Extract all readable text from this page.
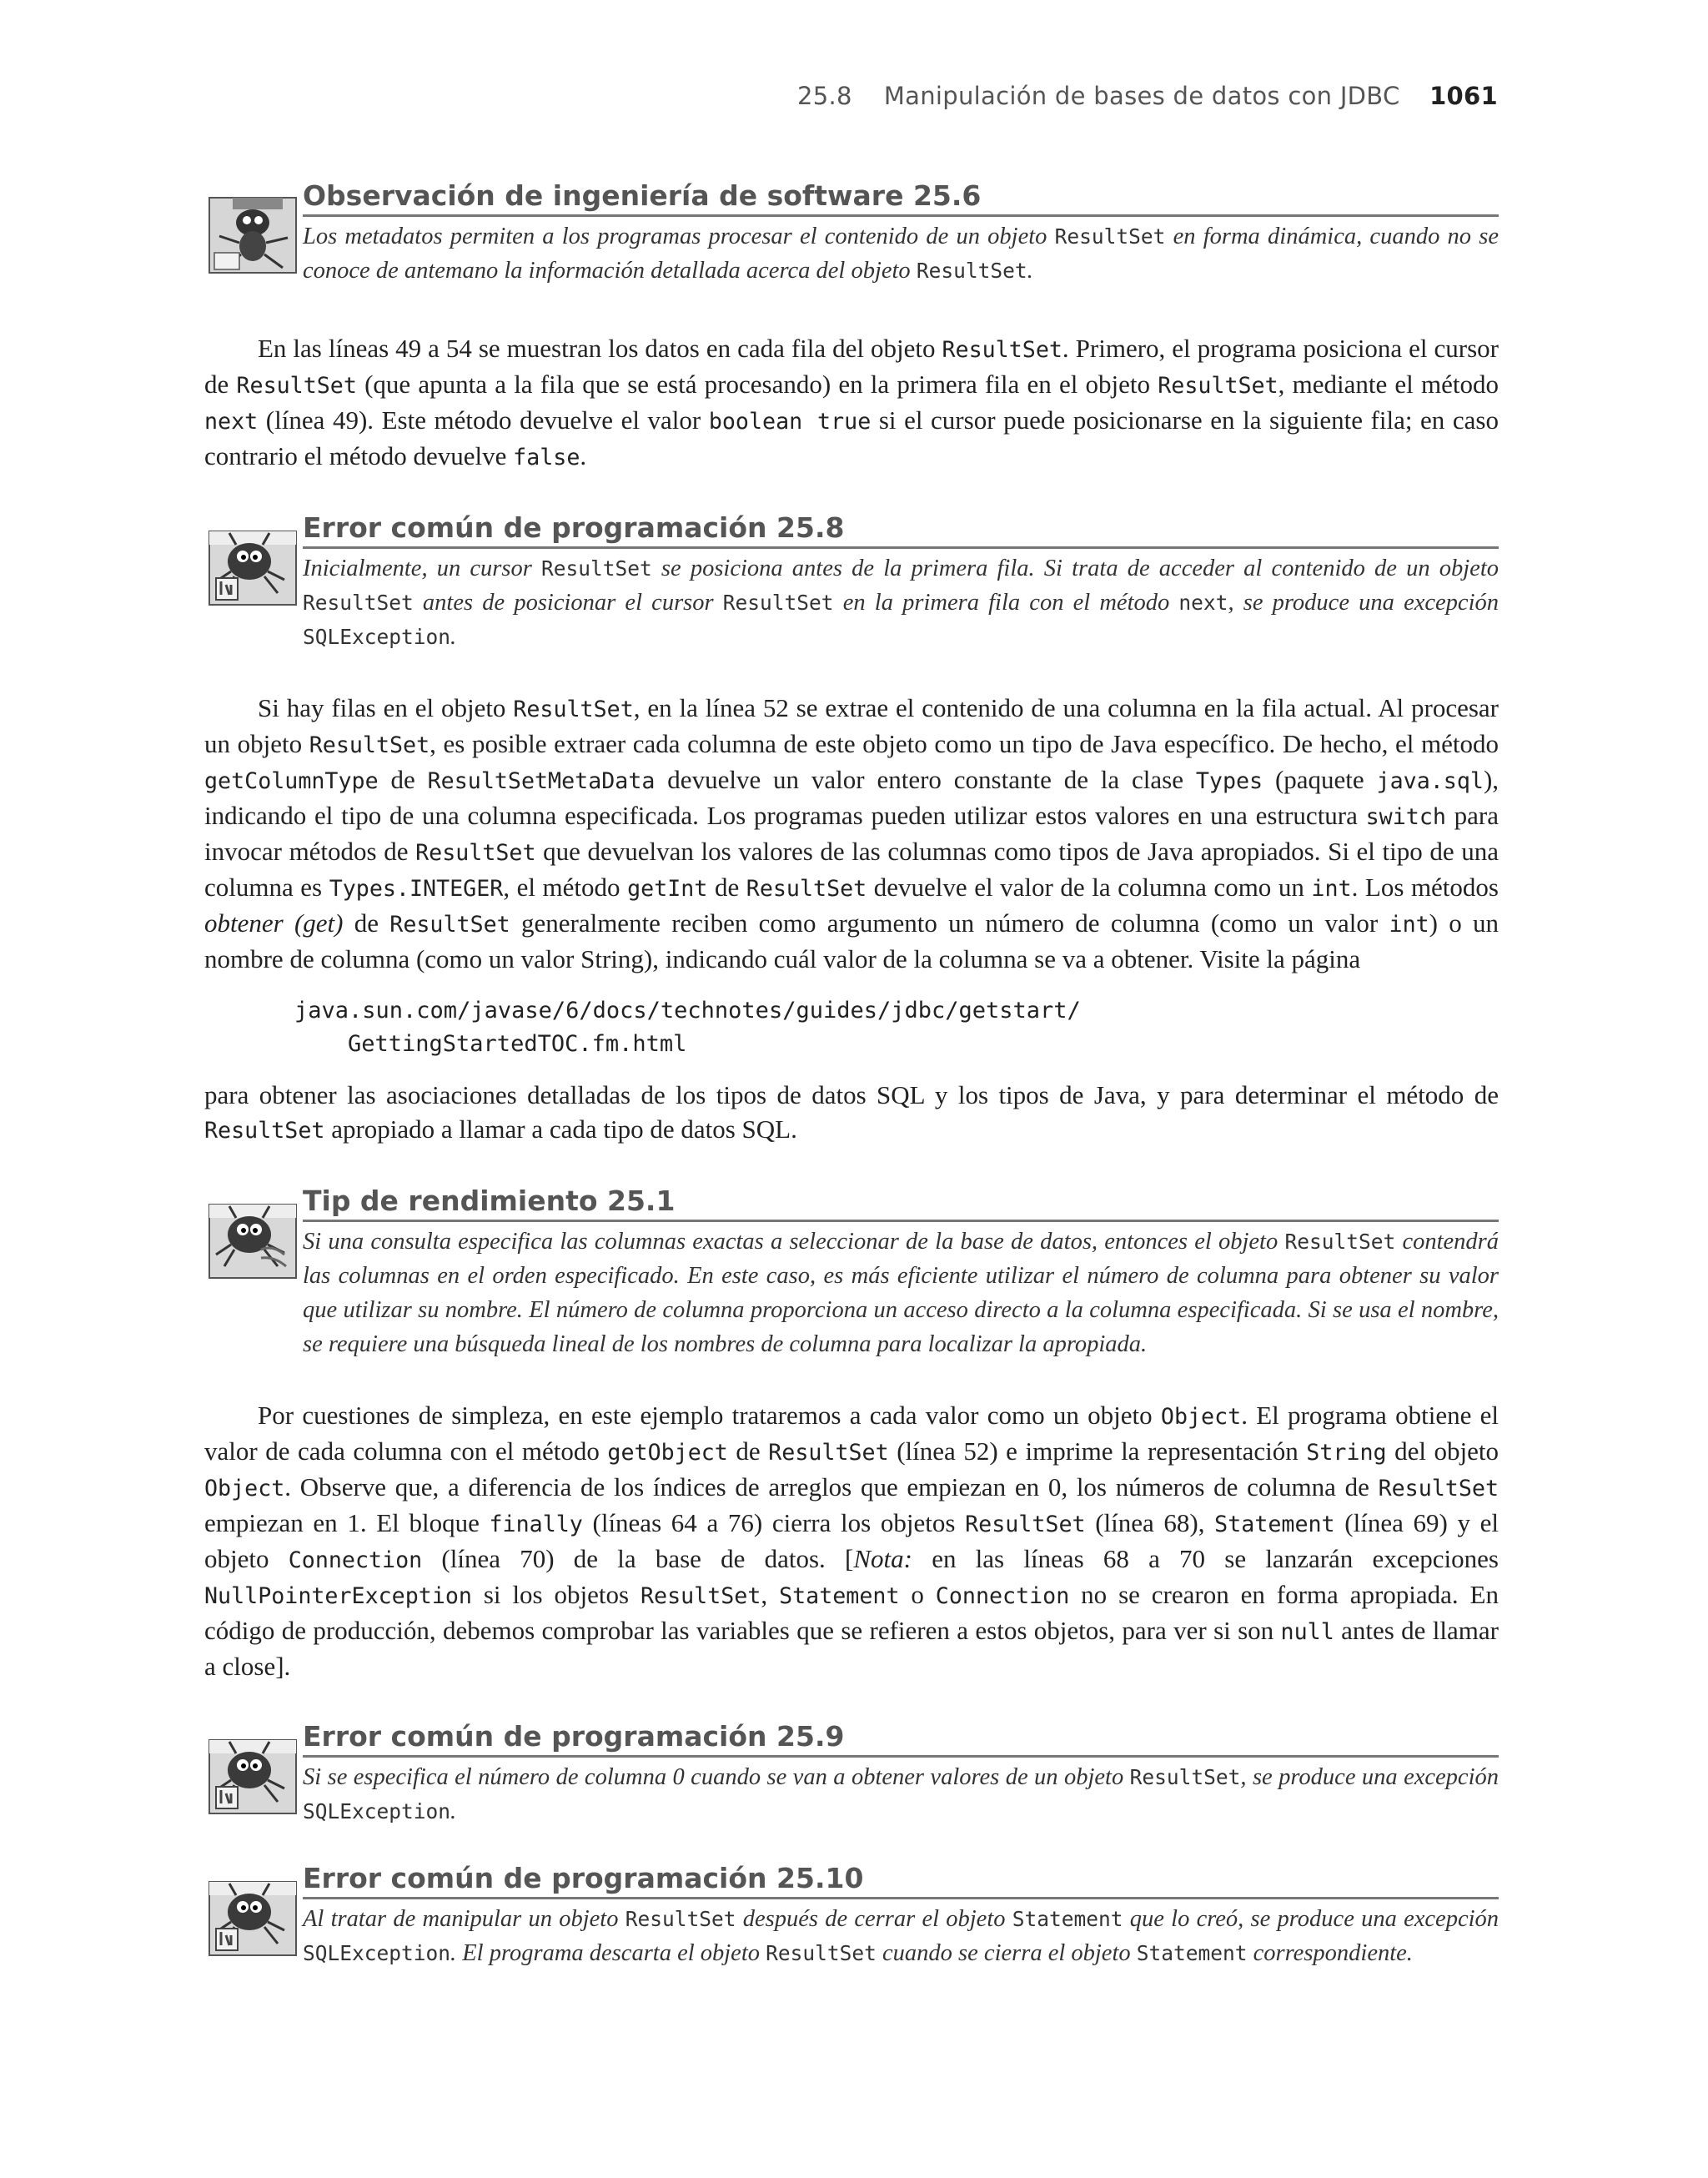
25.8 Manipulación de bases de datos con JDBC 1061
Observación de ingeniería de software 25.6
Los metadatos permiten a los programas procesar el contenido de un objeto ResultSet en forma dinámica, cuando no se conoce de antemano la información detallada acerca del objeto ResultSet.

En las líneas 49 a 54 se muestran los datos en cada fila del objeto ResultSet. Primero, el programa posiciona el cursor de ResultSet (que apunta a la fila que se está procesando) en la primera fila en el objeto ResultSet, mediante el método next (línea 49). Este método devuelve el valor boolean true si el cursor puede posicionarse en la siguiente fila; en caso contrario el método devuelve false.

Error común de programación 25.8
Inicialmente, un cursor ResultSet se posiciona antes de la primera fila. Si trata de acceder al contenido de un objeto ResultSet antes de posicionar el cursor ResultSet en la primera fila con el método next, se produce una excepción SQLException.

Si hay filas en el objeto ResultSet, en la línea 52 se extrae el contenido de una columna en la fila actual. Al procesar un objeto ResultSet, es posible extraer cada columna de este objeto como un tipo de Java específico. De hecho, el método getColumnType de ResultSetMetaData devuelve un valor entero constante de la clase Types (paquete java.sql), indicando el tipo de una columna especificada. Los programas pueden utilizar estos valores en una estructura switch para invocar métodos de ResultSet que devuelvan los valores de las columnas como tipos de Java apropiados. Si el tipo de una columna es Types.INTEGER, el método getInt de ResultSet devuelve el valor de la columna como un int. Los métodos obtener (get) de ResultSet generalmente reciben como argumento un número de columna (como un valor int) o un nombre de columna (como un valor String), indicando cuál valor de la columna se va a obtener. Visite la página

java.sun.com/javase/6/docs/technotes/guides/jdbc/getstart/
GettingStartedTOC.fm.html

para obtener las asociaciones detalladas de los tipos de datos SQL y los tipos de Java, y para determinar el método de ResultSet apropiado a llamar a cada tipo de datos SQL.

Tip de rendimiento 25.1
Si una consulta especifica las columnas exactas a seleccionar de la base de datos, entonces el objeto ResultSet contendrá las columnas en el orden especificado. En este caso, es más eficiente utilizar el número de columna para obtener su valor que utilizar su nombre. El número de columna proporciona un acceso directo a la columna especificada. Si se usa el nombre, se requiere una búsqueda lineal de los nombres de columna para localizar la apropiada.

Por cuestiones de simpleza, en este ejemplo trataremos a cada valor como un objeto Object. El programa obtiene el valor de cada columna con el método getObject de ResultSet (línea 52) e imprime la representación String del objeto Object. Observe que, a diferencia de los índices de arreglos que empiezan en 0, los números de columna de ResultSet empiezan en 1. El bloque finally (líneas 64 a 76) cierra los objetos ResultSet (línea 68), Statement (línea 69) y el objeto Connection (línea 70) de la base de datos. [Nota: en las líneas 68 a 70 se lanzarán excepciones NullPointerException si los objetos ResultSet, Statement o Connection no se crearon en forma apropiada. En código de producción, debemos comprobar las variables que se refieren a estos objetos, para ver si son null antes de llamar a close].

Error común de programación 25.9
Si se especifica el número de columna 0 cuando se van a obtener valores de un objeto ResultSet, se produce una excepción SQLException.
Error común de programación 25.10
Al tratar de manipular un objeto ResultSet después de cerrar el objeto Statement que lo creó, se produce una excepción SQLException. El programa descarta el objeto ResultSet cuando se cierra el objeto Statement correspondiente.
